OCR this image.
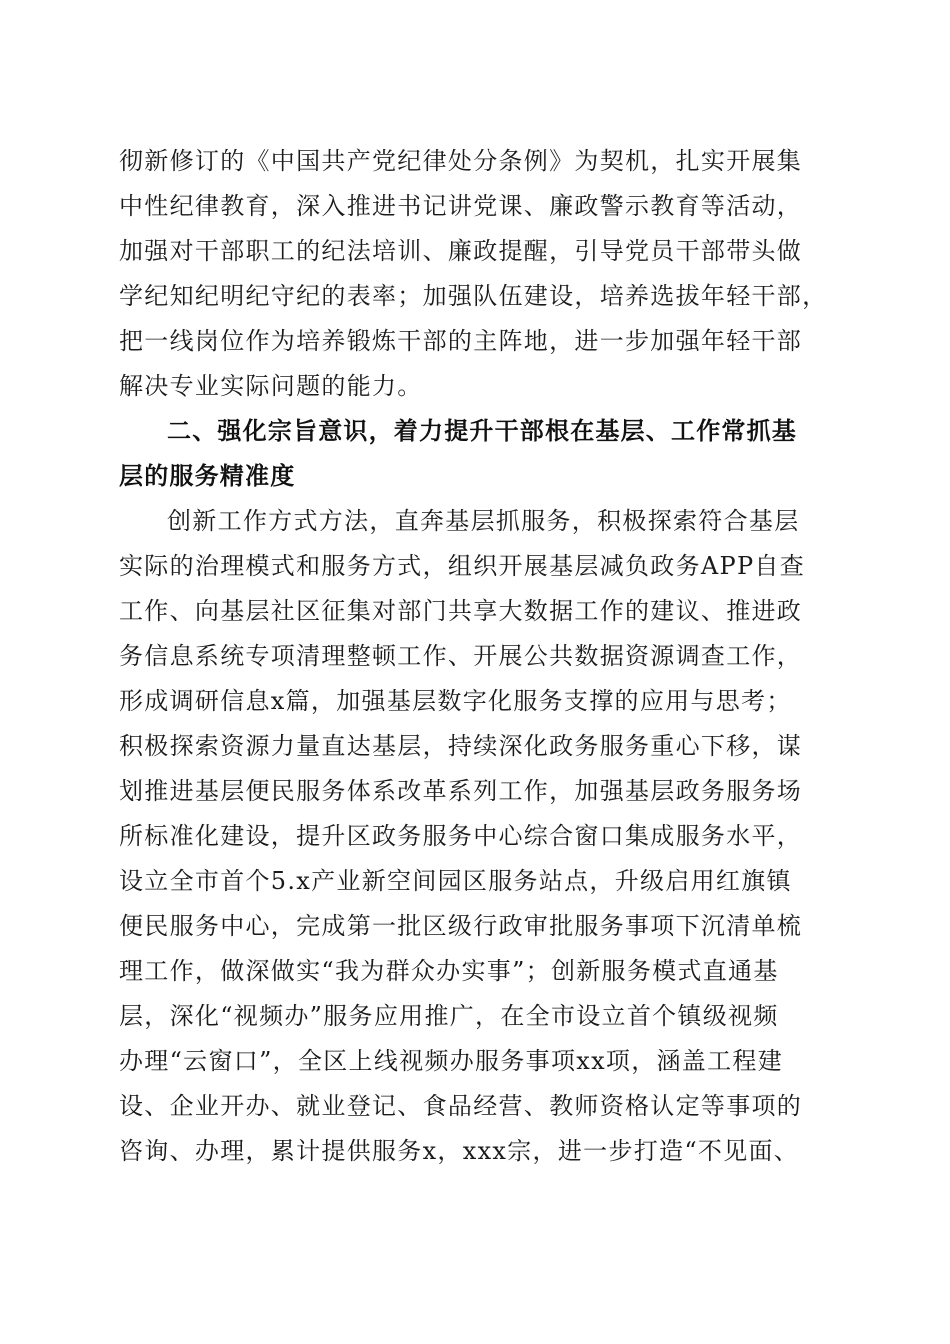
彻新修订的《中国共产党纪律处分条例》为契机，扎实开展集

中性纪律教育，深入推进书记讲党课、廉政警示教育等活动，

加强对干部职工的纪法培训、廉政提醒，引导党员干部带头做

学纪知纪明纪守纪的表率；加强队伍建设，培养选拔年轻干部，

把一线岗位作为培养锻炼干部的主阵地，进一步加强年轻干部

解决专业实际问题的能力。

二、强化宗旨意识，着力提升干部根在基层、工作常抓基

层的服务精准度

创新工作方式方法，直奔基层抓服务，积极探索符合基层

实际的治理模式和服务方式，组织开展基层减负政务APP自查

工作、向基层社区征集对部门共享大数据工作的建议、推进政

务信息系统专项清理整顿工作、开展公共数据资源调查工作，

形成调研信息x篇，加强基层数字化服务支撑的应用与思考；

积极探索资源力量直达基层，持续深化政务服务重心下移，谋

划推进基层便民服务体系改革系列工作，加强基层政务服务场

所标准化建设，提升区政务服务中心综合窗口集成服务水平，

设立全市首个5.x产业新空间园区服务站点，升级启用红旗镇

便民服务中心，完成第一批区级行政审批服务事项下沉清单梳

理工作，做深做实“我为群众办实事”；创新服务模式直通基

层，深化“视频办”服务应用推广，在全市设立首个镇级视频

办理“云窗口”，全区上线视频办服务事项xx项，涵盖工程建

设、企业开办、就业登记、食品经营、教师资格认定等事项的

咨询、办理，累计提供服务x，xxx宗，进一步打造“不见面、
